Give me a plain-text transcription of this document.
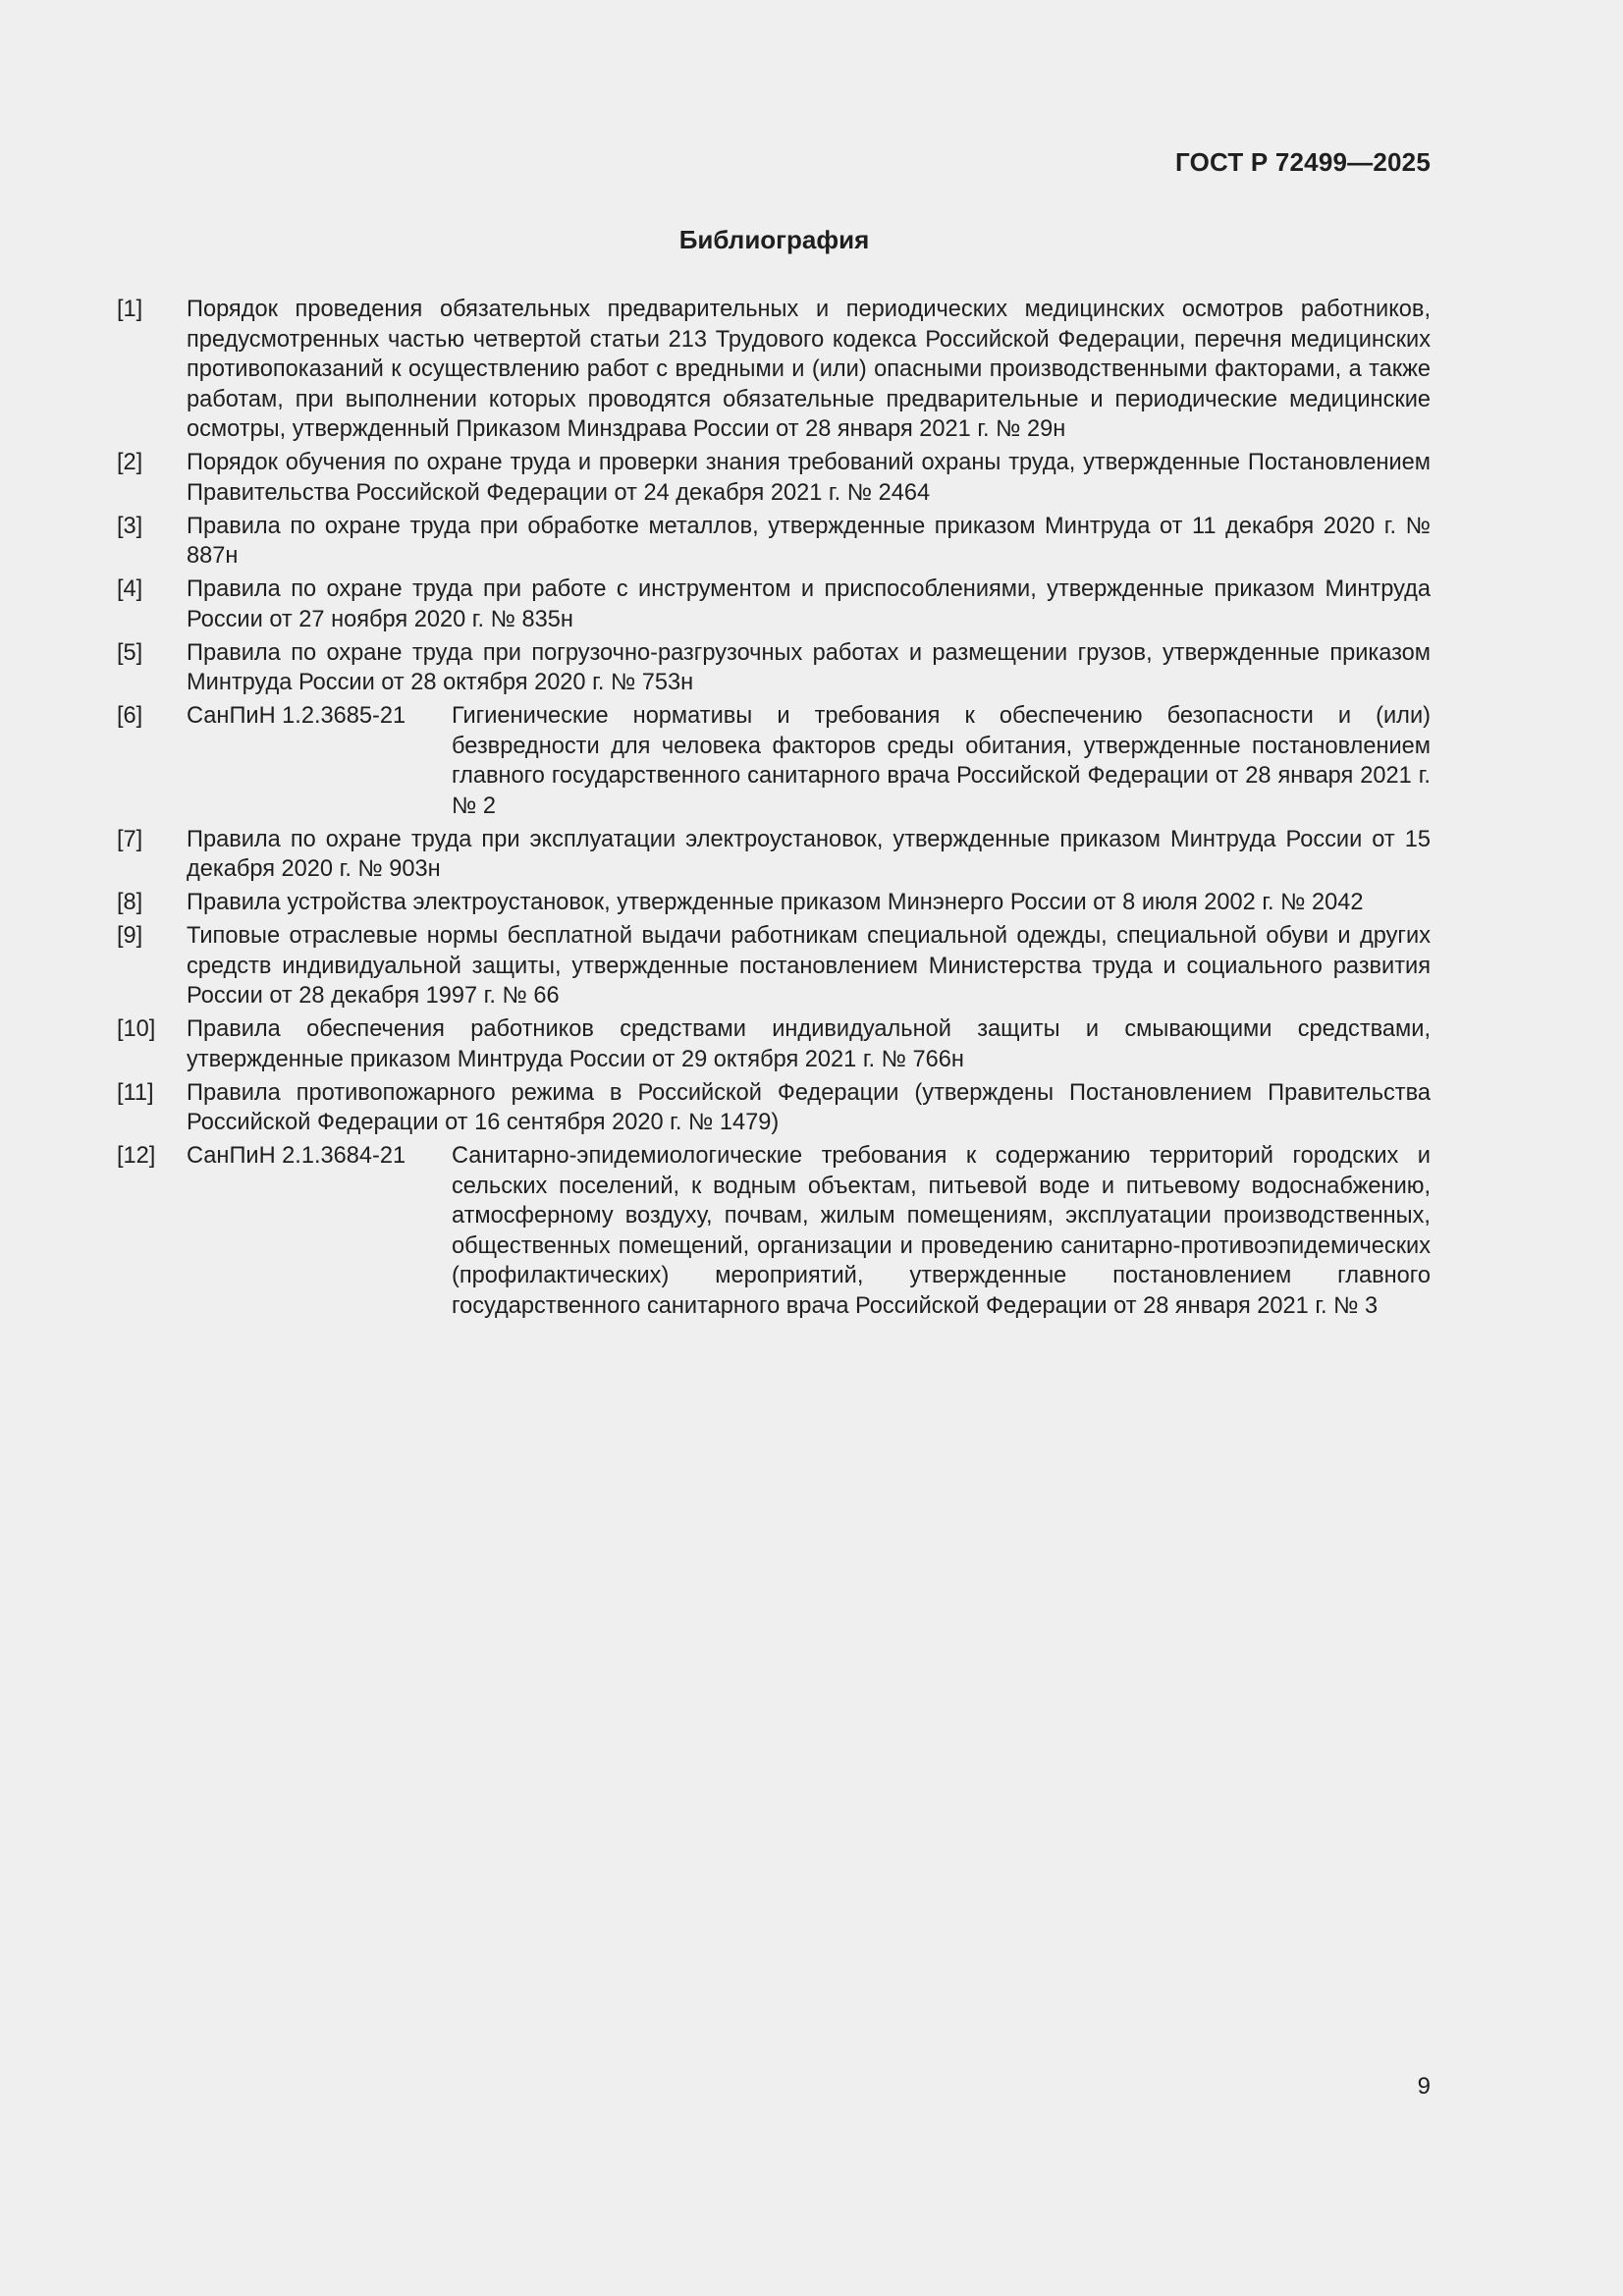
ГОСТ Р 72499—2025
Библиография
[1]	Порядок проведения обязательных предварительных и периодических медицинских осмотров работников, предусмотренных частью четвертой статьи 213 Трудового кодекса Российской Федерации, перечня медицинских противопоказаний к осуществлению работ с вредными и (или) опасными производственными факторами, а также работам, при выполнении которых проводятся обязательные предварительные и периодические медицинские осмотры, утвержденный Приказом Минздрава России от 28 января 2021 г. № 29н
[2]	Порядок обучения по охране труда и проверки знания требований охраны труда, утвержденные Постановлением Правительства Российской Федерации от 24 декабря 2021 г. № 2464
[3]	Правила по охране труда при обработке металлов, утвержденные приказом Минтруда от 11 декабря 2020 г. № 887н
[4]	Правила по охране труда при работе с инструментом и приспособлениями, утвержденные приказом Минтруда России от 27 ноября 2020 г. № 835н
[5]	Правила по охране труда при погрузочно-разгрузочных работах и размещении грузов, утвержденные приказом Минтруда России от 28 октября 2020 г. № 753н
[6]	СанПиН 1.2.3685-21	Гигиенические нормативы и требования к обеспечению безопасности и (или) безвредности для человека факторов среды обитания, утвержденные постановлением главного государственного санитарного врача Российской Федерации от 28 января 2021 г. № 2
[7]	Правила по охране труда при эксплуатации электроустановок, утвержденные приказом Минтруда России от 15 декабря 2020 г. № 903н
[8]	Правила устройства электроустановок, утвержденные приказом Минэнерго России от 8 июля 2002 г. № 2042
[9]	Типовые отраслевые нормы бесплатной выдачи работникам специальной одежды, специальной обуви и других средств индивидуальной защиты, утвержденные постановлением Министерства труда и социального развития России от 28 декабря 1997 г. № 66
[10]	Правила обеспечения работников средствами индивидуальной защиты и смывающими средствами, утвержденные приказом Минтруда России от 29 октября 2021 г. № 766н
[11]	Правила противопожарного режима в Российской Федерации (утверждены Постановлением Правительства Российской Федерации от 16 сентября 2020 г. № 1479)
[12]	СанПиН 2.1.3684-21	Санитарно-эпидемиологические требования к содержанию территорий городских и сельских поселений, к водным объектам, питьевой воде и питьевому водоснабжению, атмосферному воздуху, почвам, жилым помещениям, эксплуатации производственных, общественных помещений, организации и проведению санитарно-противоэпидемических (профилактических) мероприятий, утвержденные постановлением главного государственного санитарного врача Российской Федерации от 28 января 2021 г. № 3
9
